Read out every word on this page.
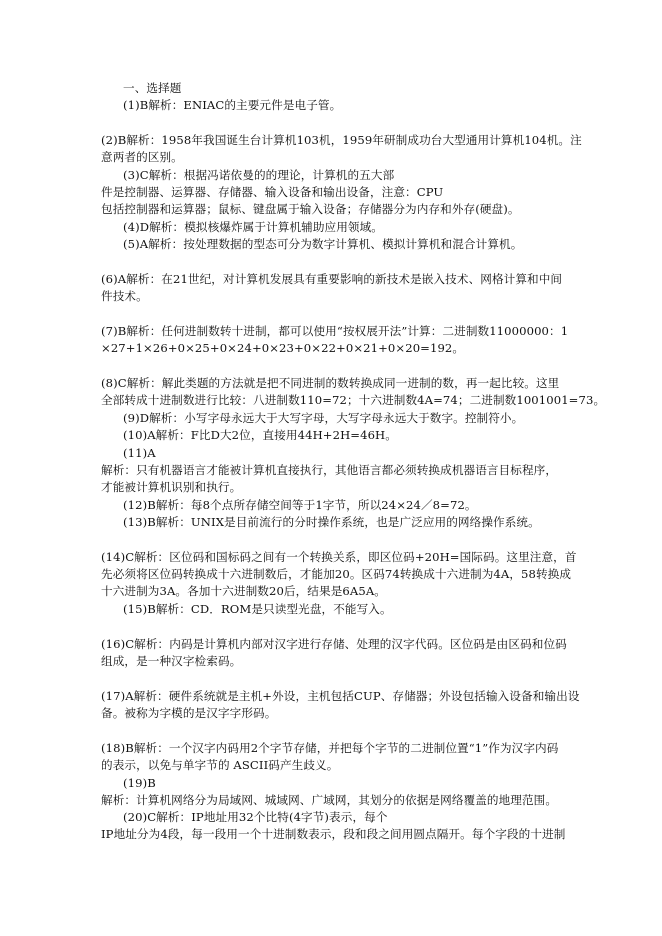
一、选择题
(1)B解析：ENIAC的主要元件是电子管。
(2)B解析：1958年我国诞生台计算机103机，1959年研制成功台大型通用计算机104机。注
意两者的区别。
(3)C解析：根据冯诺依曼的的理论，计算机的五大部
件是控制器、运算器、存储器、输入设备和输出设备，注意：CPU
包括控制器和运算器；鼠标、键盘属于输入设备；存储器分为内存和外存(硬盘)。
(4)D解析：模拟核爆炸属于计算机辅助应用领域。
(5)A解析：按处理数据的型态可分为数字计算机、模拟计算机和混合计算机。
(6)A解析：在21世纪，对计算机发展具有重要影响的新技术是嵌入技术、网格计算和中间
件技术。
(7)B解析：任何进制数转十进制，都可以使用“按权展开法”计算：二进制数11000000：1
×27+1×26+0×25+0×24+0×23+0×22+0×21+0×20=192。
(8)C解析：解此类题的方法就是把不同进制的数转换成同一进制的数，再一起比较。这里
全部转成十进制数进行比较：八进制数110=72；十六进制数4A=74；二进制数1001001=73。
(9)D解析：小写字母永远大于大写字母，大写字母永远大于数字。控制符小。
(10)A解析：F比D大2位，直接用44H+2H=46H。
(11)A
解析：只有机器语言才能被计算机直接执行，其他语言都必须转换成机器语言目标程序，
才能被计算机识别和执行。
(12)B解析：每8个点所存储空间等于1字节，所以24×24／8=72。
(13)B解析：UNIX是目前流行的分时操作系统，也是广泛应用的网络操作系统。
(14)C解析：区位码和国标码之间有一个转换关系，即区位码+20H=国际码。这里注意，首
先必须将区位码转换成十六进制数后，才能加20。区码74转换成十六进制为4A，58转换成
十六进制为3A。各加十六进制数20后，结果是6A5A。
(15)B解析：CD．ROM是只读型光盘，不能写入。
(16)C解析：内码是计算机内部对汉字进行存储、处理的汉字代码。区位码是由区码和位码
组成，是一种汉字检索码。
(17)A解析：硬件系统就是主机+外设，主机包括CUP、存储器；外设包括输入设备和输出设
备。被称为字模的是汉字字形码。
(18)B解析：一个汉字内码用2个字节存储，并把每个字节的二进制位置“1”作为汉字内码
的表示，以免与单字节的 ASCII码产生歧义。
(19)B
解析：计算机网络分为局域网、城域网、广域网，其划分的依据是网络覆盖的地理范围。
(20)C解析：IP地址用32个比特(4字节)表示，每个
IP地址分为4段，每一段用一个十进制数表示，段和段之间用圆点隔开。每个字段的十进制
